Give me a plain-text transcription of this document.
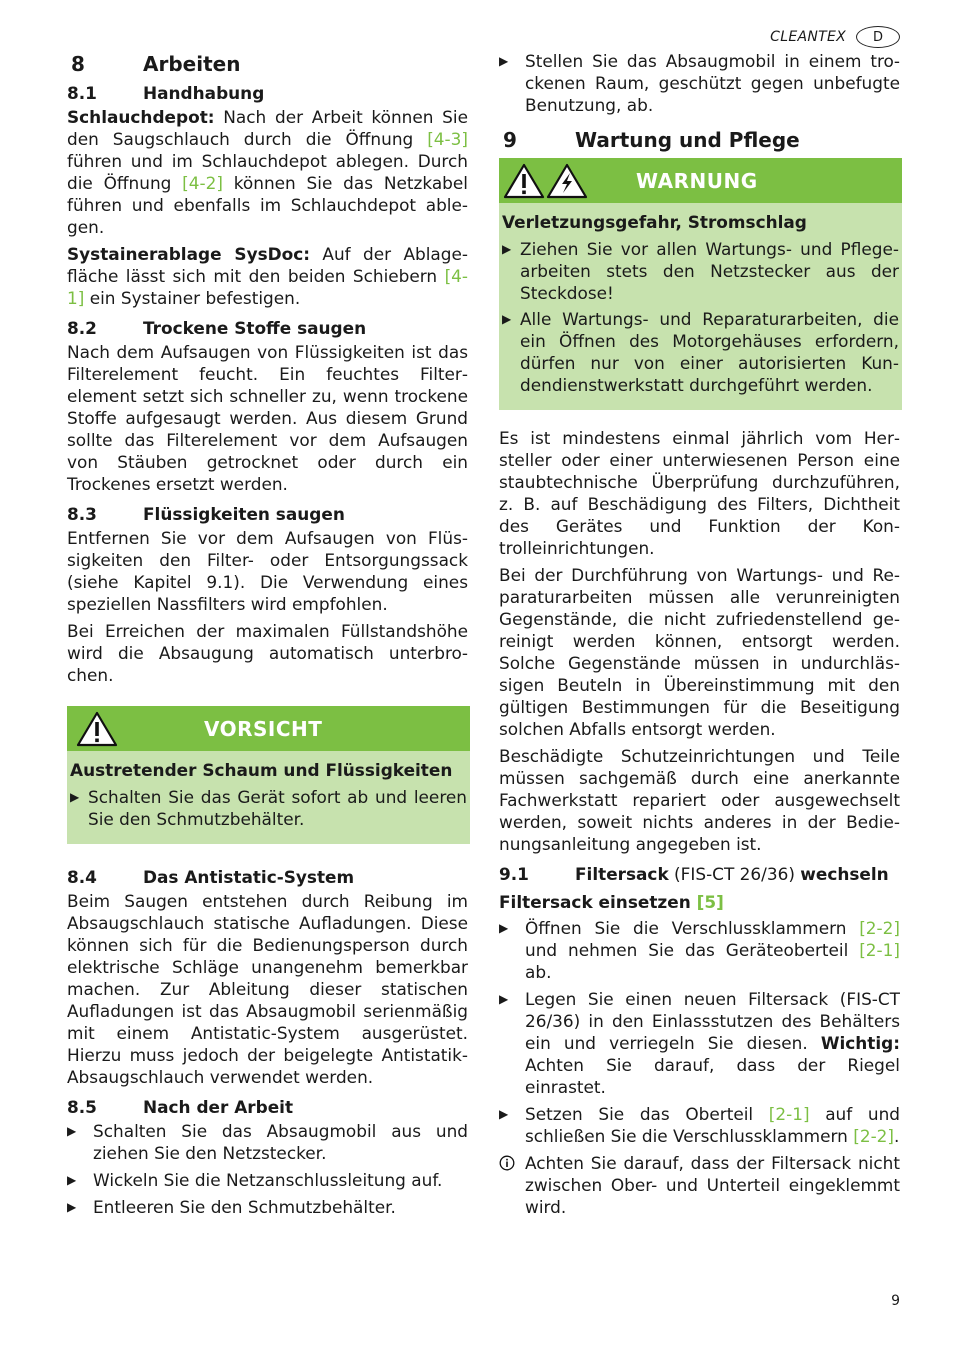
CLEANTEX	D
8	Arbeiten
8.1	Handhabung

Schlauchdepot: Nach der Arbeit können Sie den Saugschlauch durch die Öffnung [4-3] führen und im Schlauchdepot ablegen. Durch die Öffnung [4-2] können Sie das Netzkabel führen und ebenfalls im Schlauchdepot ablegen.

Systainerablage SysDoc: Auf der Ablagefläche lässt sich mit den beiden Schiebern [4-1] ein Systainer befestigen.

8.2	Trockene Stoffe saugen

Nach dem Aufsaugen von Flüssigkeiten ist das Filterelement feucht. Ein feuchtes Filterelement setzt sich schneller zu, wenn trockene Stoffe aufgesaugt werden. Aus diesem Grund sollte das Filterelement vor dem Aufsaugen von Stäuben getrocknet oder durch ein Trockenes ersetzt werden.

8.3	Flüssigkeiten saugen

Entfernen Sie vor dem Aufsaugen von Flüssigkeiten den Filter- oder Entsorgungssack (siehe Kapitel 9.1). Die Verwendung eines speziellen Nassfilters wird empfohlen.

Bei Erreichen der maximalen Füllstandshöhe wird die Absaugung automatisch unterbrochen.

VORSICHT
Austretender Schaum und Flüssigkeiten
▶ Schalten Sie das Gerät sofort ab und leeren Sie den Schmutzbehälter.
8.4	Das Antistatic-System

Beim Saugen entstehen durch Reibung im Absaugschlauch statische Aufladungen. Diese können sich für die Bedienungsperson durch elektrische Schläge unangenehm bemerkbar machen. Zur Ableitung dieser statischen Aufladungen ist das Absaugmobil serienmäßig mit einem Antistatic-System ausgerüstet. Hierzu muss jedoch der beigelegte Antistatik-Absaugschlauch verwendet werden.

8.5	Nach der Arbeit
▶ Schalten Sie das Absaugmobil aus und ziehen Sie den Netzstecker.
▶ Wickeln Sie die Netzanschlussleitung auf.
▶ Entleeren Sie den Schmutzbehälter.
▶ Stellen Sie das Absaugmobil in einem trockenen Raum, geschützt gegen unbefugte Benutzung, ab.
9	Wartung und Pflege
WARNUNG
Verletzungsgefahr, Stromschlag
▶ Ziehen Sie vor allen Wartungs- und Pflegearbeiten stets den Netzstecker aus der Steckdose!
▶ Alle Wartungs- und Reparaturarbeiten, die ein Öffnen des Motorgehäuses erfordern, dürfen nur von einer autorisierten Kundendienstwerkstatt durchgeführt werden.

Es ist mindestens einmal jährlich vom Hersteller oder einer unterwiesenen Person eine staubtechnische Überprüfung durchzuführen, z. B. auf Beschädigung des Filters, Dichtheit des Gerätes und Funktion der Kontrolleinrichtungen.

Bei der Durchführung von Wartungs- und Reparaturarbeiten müssen alle verunreinigten Gegenstände, die nicht zufriedenstellend gereinigt werden können, entsorgt werden. Solche Gegenstände müssen in undurchlässigen Beuteln in Übereinstimmung mit den gültigen Bestimmungen für die Beseitigung solchen Abfalls entsorgt werden.

Beschädigte Schutzeinrichtungen und Teile müssen sachgemäß durch eine anerkannte Fachwerkstatt repariert oder ausgewechselt werden, soweit nichts anderes in der Bedienungsanleitung angegeben ist.

9.1	Filtersack (FIS-CT 26/36) wechseln
Filtersack einsetzen [5]
▶ Öffnen Sie die Verschlussklammern [2-2] und nehmen Sie das Geräteoberteil [2-1] ab.
▶ Legen Sie einen neuen Filtersack (FIS-CT 26/36) in den Einlassstutzen des Behälters ein und verriegeln Sie diesen. Wichtig: Achten Sie darauf, dass der Riegel einrastet.
▶ Setzen Sie das Oberteil [2-1] auf und schließen Sie die Verschlussklammern [2-2].
Achten Sie darauf, dass der Filtersack nicht zwischen Ober- und Unterteil eingeklemmt wird.
9
